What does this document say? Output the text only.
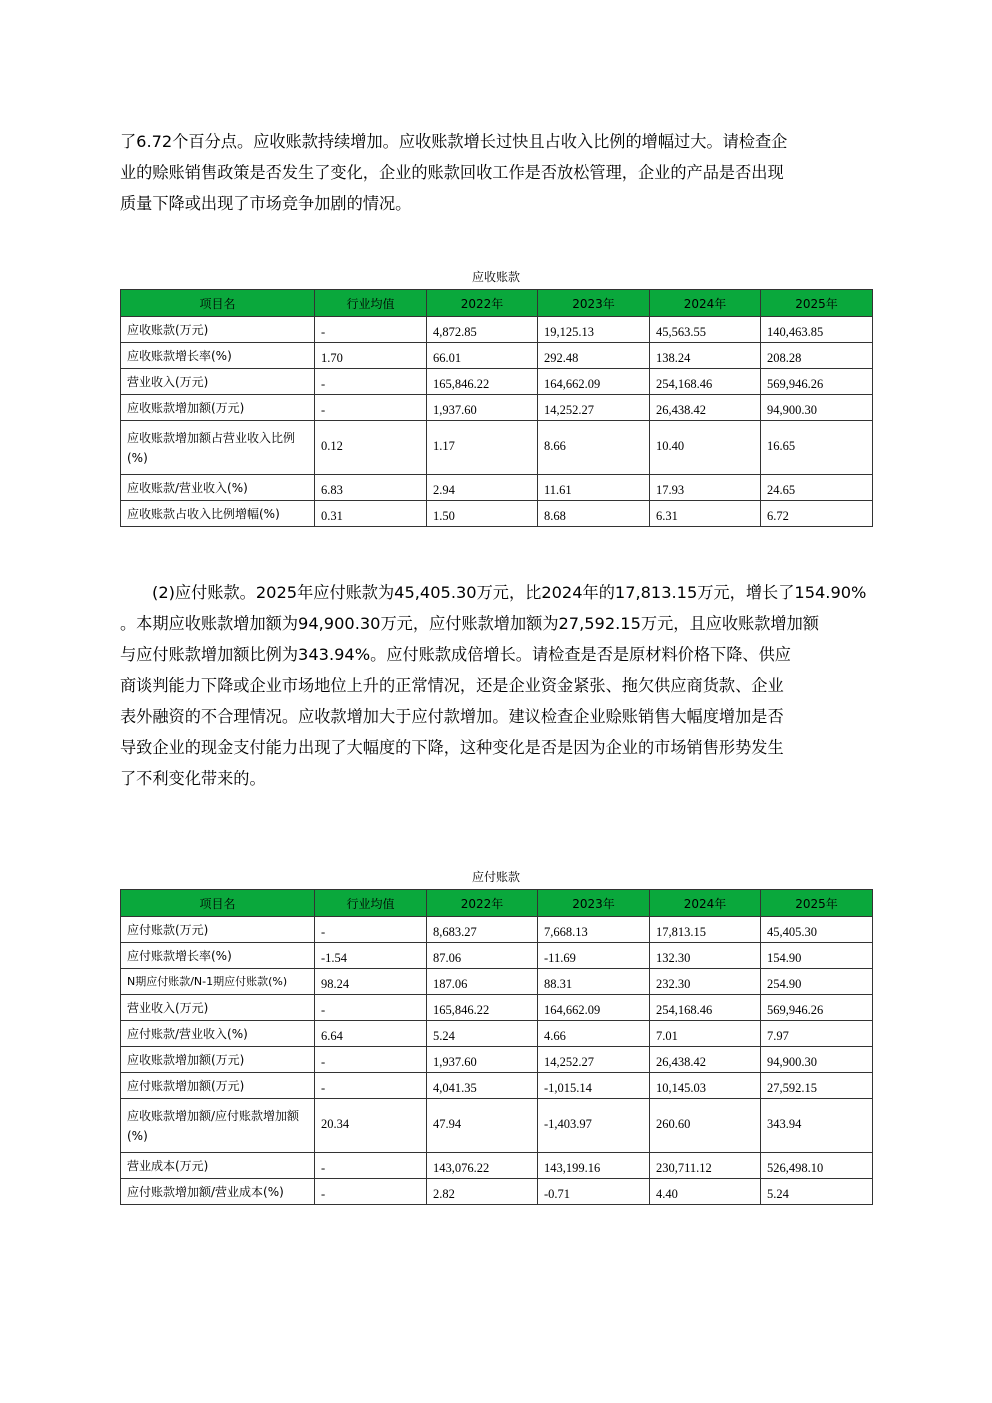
了6.72个百分点。应收账款持续增加。应收账款增长过快且占收入比例的增幅过大。请检查企
业的赊账销售政策是否发生了变化，企业的账款回收工作是否放松管理，企业的产品是否出现
质量下降或出现了市场竞争加剧的情况。
应收账款
项目名	行业均值	2022年	2023年	2024年	2025年
应收账款(万元)	-	4,872.85	19,125.13	45,563.55	140,463.85
应收账款增长率(%)	1.70	66.01	292.48	138.24	208.28
营业收入(万元)	-	165,846.22	164,662.09	254,168.46	569,946.26
应收账款增加额(万元)	-	1,937.60	14,252.27	26,438.42	94,900.30
应收账款增加额占营业收入比例(%)	0.12	1.17	8.66	10.40	16.65
应收账款/营业收入(%)	6.83	2.94	11.61	17.93	24.65
应收账款占收入比例增幅(%)	0.31	1.50	8.68	6.31	6.72
(2)应付账款。2025年应付账款为45,405.30万元，比2024年的17,813.15万元，增长了154.90%
。本期应收账款增加额为94,900.30万元，应付账款增加额为27,592.15万元，且应收账款增加额
与应付账款增加额比例为343.94%。应付账款成倍增长。请检查是否是原材料价格下降、供应
商谈判能力下降或企业市场地位上升的正常情况，还是企业资金紧张、拖欠供应商货款、企业
表外融资的不合理情况。应收款增加大于应付款增加。建议检查企业赊账销售大幅度增加是否
导致企业的现金支付能力出现了大幅度的下降，这种变化是否是因为企业的市场销售形势发生
了不利变化带来的。
应付账款
项目名	行业均值	2022年	2023年	2024年	2025年
应付账款(万元)	-	8,683.27	7,668.13	17,813.15	45,405.30
应付账款增长率(%)	-1.54	87.06	-11.69	132.30	154.90
N期应付账款/N-1期应付账款(%)	98.24	187.06	88.31	232.30	254.90
营业收入(万元)	-	165,846.22	164,662.09	254,168.46	569,946.26
应付账款/营业收入(%)	6.64	5.24	4.66	7.01	7.97
应收账款增加额(万元)	-	1,937.60	14,252.27	26,438.42	94,900.30
应付账款增加额(万元)	-	4,041.35	-1,015.14	10,145.03	27,592.15
应收账款增加额/应付账款增加额(%)	20.34	47.94	-1,403.97	260.60	343.94
营业成本(万元)	-	143,076.22	143,199.16	230,711.12	526,498.10
应付账款增加额/营业成本(%)	-	2.82	-0.71	4.40	5.24
